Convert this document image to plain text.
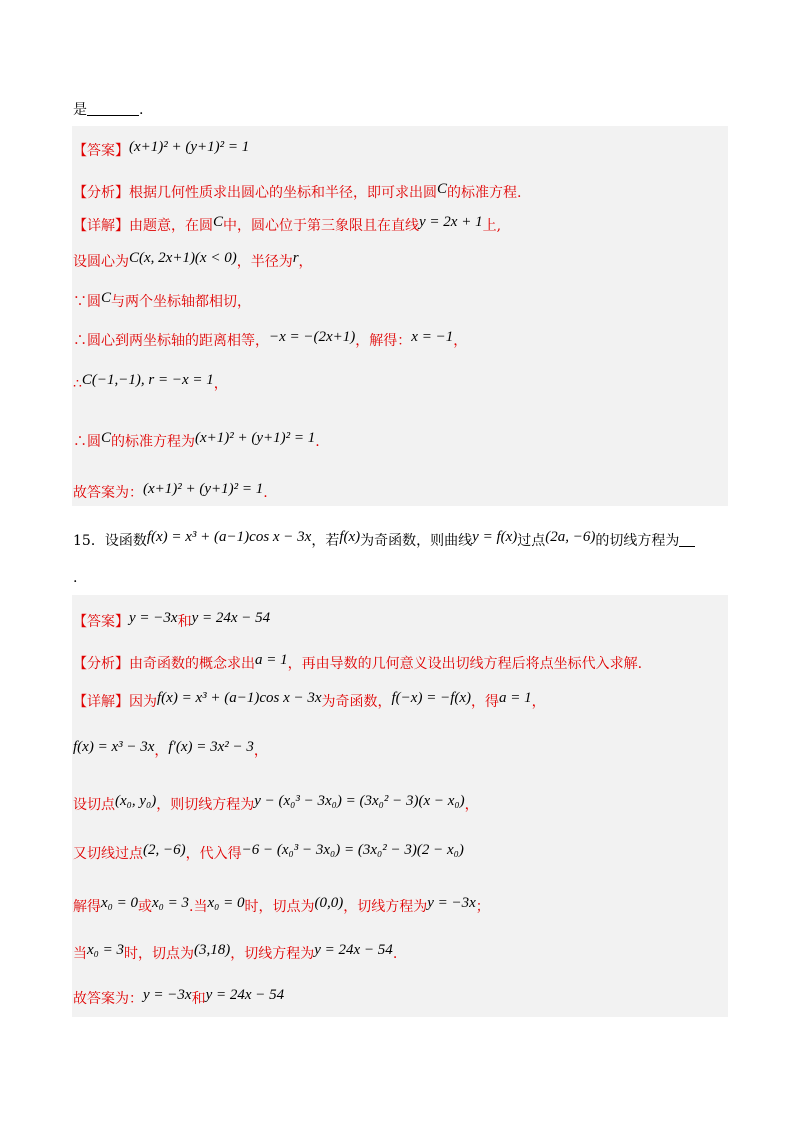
是	.
【答案】(x+1)² + (y+1)² = 1
【分析】根据几何性质求出圆心的坐标和半径，即可求出圆C的标准方程.
【详解】由题意，在圆C中，圆心位于第三象限且在直线y = 2x + 1上,
设圆心为C(x, 2x+1)(x < 0)，半径为r，
∵圆C与两个坐标轴都相切，
∴圆心到两坐标轴的距离相等，−x = −(2x+1)，解得：x = −1，
∴C(−1,−1), r = −x = 1，
∴圆C的标准方程为(x+1)² + (y+1)² = 1.
故答案为：(x+1)² + (y+1)² = 1.
15．设函数f(x) = x³ + (a−1)cos x − 3x，若f(x)为奇函数，则曲线y = f(x)过点(2a, −6)的切线方程为
.
【答案】y = −3x和y = 24x − 54
【分析】由奇函数的概念求出a = 1，再由导数的几何意义设出切线方程后将点坐标代入求解.
【详解】因为f(x) = x³ + (a−1)cos x − 3x为奇函数，f(−x) = −f(x)，得a = 1，
f(x) = x³ − 3x，f′(x) = 3x² − 3，
设切点(x₀, y₀)，则切线方程为y − (x₀³ − 3x₀) = (3x₀² − 3)(x − x₀)，
又切线过点(2, −6)，代入得−6 − (x₀³ − 3x₀) = (3x₀² − 3)(2 − x₀)
解得x₀ = 0或x₀ = 3.当x₀ = 0时，切点为(0,0)，切线方程为y = −3x；
当x₀ = 3时，切点为(3,18)，切线方程为y = 24x − 54.
故答案为：y = −3x和y = 24x − 54
